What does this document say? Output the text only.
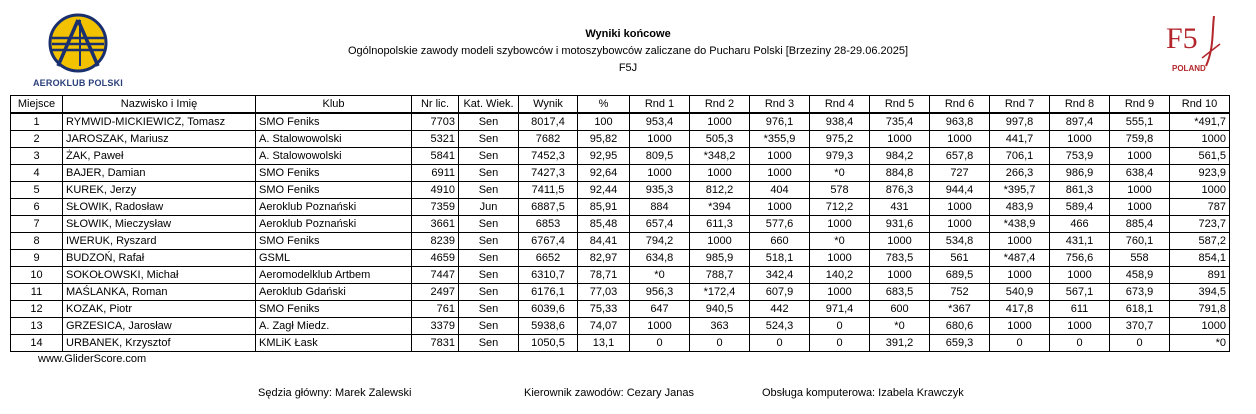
AEROKLUB POLSKI
Wyniki końcowe
Ogólnopolskie zawody modeli szybowców i motoszybowców zaliczane do Pucharu Polski [Brzeziny 28-29.06.2025]
F5J
F5
POLAND
Miejsce	Nazwisko i Imię	Klub	Nr lic.	Kat. Wiek.	Wynik	%	Rnd 1	Rnd 2	Rnd 3	Rnd 4	Rnd 5	Rnd 6	Rnd 7	Rnd 8	Rnd 9	Rnd 10
1	RYMWID-MICKIEWICZ, Tomasz	SMO Feniks	7703	Sen	8017,4	100	953,4	1000	976,1	938,4	735,4	963,8	997,8	897,4	555,1	*491,7
2	JAROSZAK, Mariusz	A. Stalowowolski	5321	Sen	7682	95,82	1000	505,3	*355,9	975,2	1000	1000	441,7	1000	759,8	1000
3	ŻAK, Paweł	A. Stalowowolski	5841	Sen	7452,3	92,95	809,5	*348,2	1000	979,3	984,2	657,8	706,1	753,9	1000	561,5
4	BAJER, Damian	SMO Feniks	6911	Sen	7427,3	92,64	1000	1000	1000	*0	884,8	727	266,3	986,9	638,4	923,9
5	KUREK, Jerzy	SMO Feniks	4910	Sen	7411,5	92,44	935,3	812,2	404	578	876,3	944,4	*395,7	861,3	1000	1000
6	SŁOWIK, Radosław	Aeroklub Poznański	7359	Jun	6887,5	85,91	884	*394	1000	712,2	431	1000	483,9	589,4	1000	787
7	SŁOWIK, Mieczysław	Aeroklub Poznański	3661	Sen	6853	85,48	657,4	611,3	577,6	1000	931,6	1000	*438,9	466	885,4	723,7
8	IWERUK, Ryszard	SMO Feniks	8239	Sen	6767,4	84,41	794,2	1000	660	*0	1000	534,8	1000	431,1	760,1	587,2
9	BUDZOŃ, Rafał	GSML	4659	Sen	6652	82,97	634,8	985,9	518,1	1000	783,5	561	*487,4	756,6	558	854,1
10	SOKOŁOWSKI, Michał	Aeromodelklub Artbem	7447	Sen	6310,7	78,71	*0	788,7	342,4	140,2	1000	689,5	1000	1000	458,9	891
11	MAŚLANKA, Roman	Aeroklub Gdański	2497	Sen	6176,1	77,03	956,3	*172,4	607,9	1000	683,5	752	540,9	567,1	673,9	394,5
12	KOZAK, Piotr	SMO Feniks	761	Sen	6039,6	75,33	647	940,5	442	971,4	600	*367	417,8	611	618,1	791,8
13	GRZESICA, Jarosław	A. Zagł Miedz.	3379	Sen	5938,6	74,07	1000	363	524,3	0	*0	680,6	1000	1000	370,7	1000
14	URBANEK, Krzysztof	KMLiK Łask	7831	Sen	1050,5	13,1	0	0	0	0	391,2	659,3	0	0	0	*0
www.GliderScore.com
Sędzia główny: Marek Zalewski	Kierownik zawodów: Cezary Janas	Obsługa komputerowa: Izabela Krawczyk
